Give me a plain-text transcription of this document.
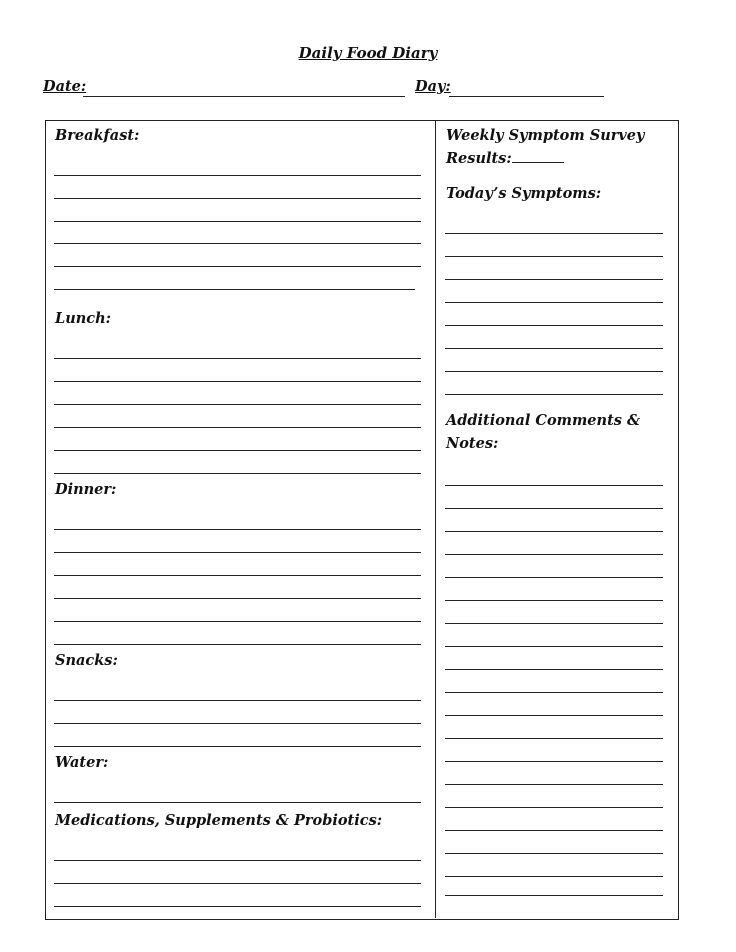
Daily Food Diary
Date:	Day:
Breakfast:
Lunch:
Dinner:
Snacks:
Water:
Medications, Supplements & Probiotics:
Weekly Symptom Survey
Results:
Today’s Symptoms:
Additional Comments &
Notes:
